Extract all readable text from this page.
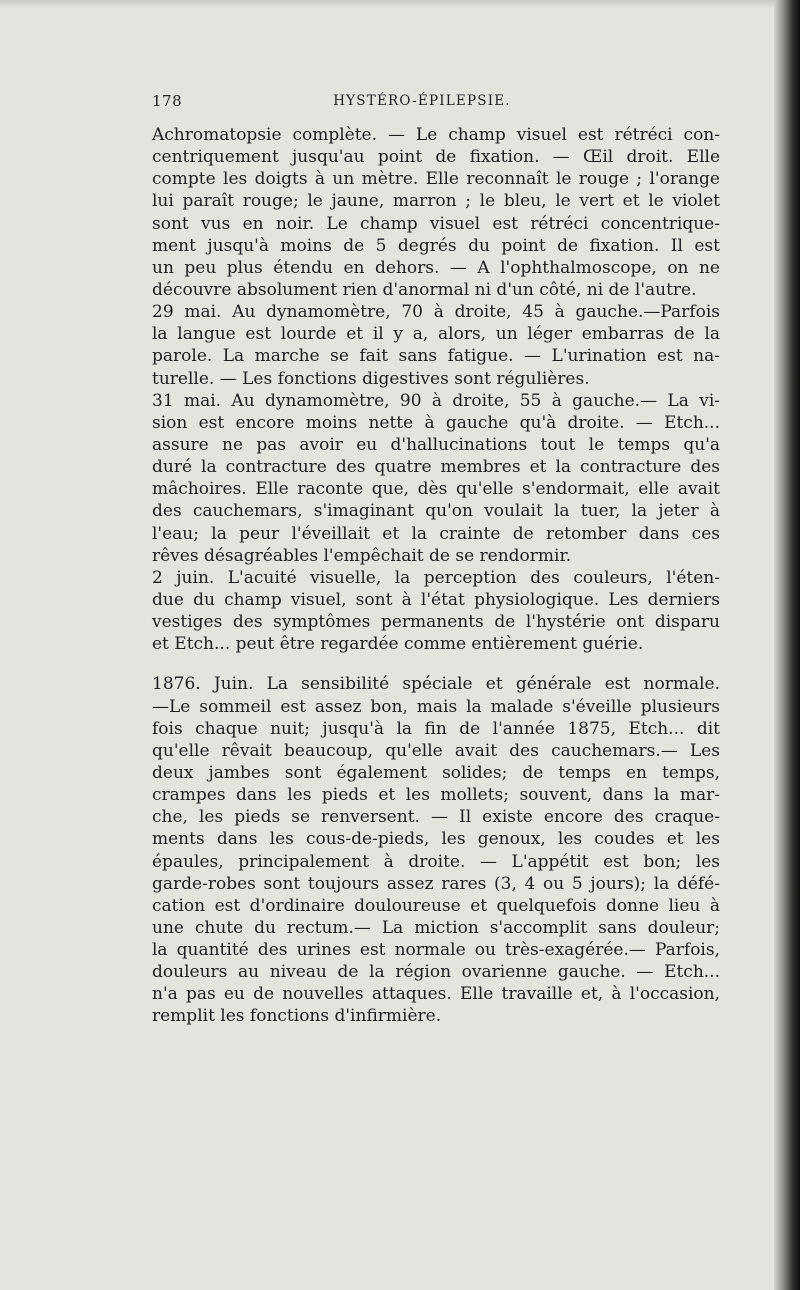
178	HYSTÉRO-ÉPILEPSIE.
Achromatopsie complète. — Le champ visuel est rétréci con-
centriquement jusqu'au point de fixation. — Œil droit. Elle
compte les doigts à un mètre. Elle reconnaît le rouge ; l'orange
lui paraît rouge; le jaune, marron ; le bleu, le vert et le violet
sont vus en noir. Le champ visuel est rétréci concentrique-
ment jusqu'à moins de 5 degrés du point de fixation. Il est
un peu plus étendu en dehors. — A l'ophthalmoscope, on ne
découvre absolument rien d'anormal ni d'un côté, ni de l'autre.
29 mai. Au dynamomètre, 70 à droite, 45 à gauche.—Parfois
la langue est lourde et il y a, alors, un léger embarras de la
parole. La marche se fait sans fatigue. — L'urination est na-
turelle. — Les fonctions digestives sont régulières.
31 mai. Au dynamomètre, 90 à droite, 55 à gauche.— La vi-
sion est encore moins nette à gauche qu'à droite. — Etch...
assure ne pas avoir eu d'hallucinations tout le temps qu'a
duré la contracture des quatre membres et la contracture des
mâchoires. Elle raconte que, dès qu'elle s'endormait, elle avait
des cauchemars, s'imaginant qu'on voulait la tuer, la jeter à
l'eau; la peur l'éveillait et la crainte de retomber dans ces
rêves désagréables l'empêchait de se rendormir.
2 juin. L'acuité visuelle, la perception des couleurs, l'éten-
due du champ visuel, sont à l'état physiologique. Les derniers
vestiges des symptômes permanents de l'hystérie ont disparu
et Etch... peut être regardée comme entièrement guérie.
1876. Juin. La sensibilité spéciale et générale est normale.
—Le sommeil est assez bon, mais la malade s'éveille plusieurs
fois chaque nuit; jusqu'à la fin de l'année 1875, Etch... dit
qu'elle rêvait beaucoup, qu'elle avait des cauchemars.— Les
deux jambes sont également solides; de temps en temps,
crampes dans les pieds et les mollets; souvent, dans la mar-
che, les pieds se renversent. — Il existe encore des craque-
ments dans les cous-de-pieds, les genoux, les coudes et les
épaules, principalement à droite. — L'appétit est bon; les
garde-robes sont toujours assez rares (3, 4 ou 5 jours); la défé-
cation est d'ordinaire douloureuse et quelquefois donne lieu à
une chute du rectum.— La miction s'accomplit sans douleur;
la quantité des urines est normale ou très-exagérée.— Parfois,
douleurs au niveau de la région ovarienne gauche. — Etch...
n'a pas eu de nouvelles attaques. Elle travaille et, à l'occasion,
remplit les fonctions d'infirmière.
